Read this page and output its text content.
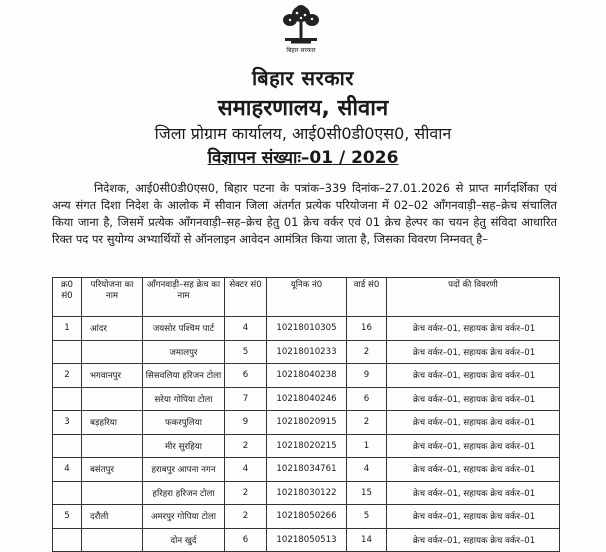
बिहार सरकार
बिहार सरकार
समाहरणालय, सीवान
जिला प्रोग्राम कार्यालय, आई0सी0डी0एस0, सीवान
विज्ञापन संख्याः–01 / 2026
निदेशक, आई0सी0डी0एस0, बिहार पटना के पत्रांक–339 दिनांक–27.01.2026 से प्राप्त मार्गदर्शिका एवं अन्य संगत दिशा निदेश के आलोक में सीवान जिला अंतर्गत प्रत्येक परियोजना में 02–02 आँगनवाड़ी–सह–क्रेच संचालित किया जाना है, जिसमें प्रत्येक आँगनवाड़ी–सह–क्रेच हेतु 01 क्रेच वर्कर एवं 01 क्रेच हेल्पर का चयन हेतु संविदा आधारित रिक्त पद पर सुयोग्य अभ्यार्थियों से ऑनलाइन आवेदन आमंत्रित किया जाता है, जिसका विवरण निम्नवत् है–
क्र0 सं0	परियोजना का नाम	आँगनवाड़ी–सह क्रेच का नाम	सेक्टर सं0	यूनिक नं0	वार्ड सं0	पदों की विवरणी
1	आंदर	जयसोर पश्चिम पार्ट	4	10218010305	16	क्रेच वर्कर–01, सहायक क्रेच वर्कर–01
		जमालपुर	5	10218010233	2	क्रेच वर्कर–01, सहायक क्रेच वर्कर–01
2	भगवानपुर	सिसवलिया हरिजन टोला	6	10218040238	9	क्रेच वर्कर–01, सहायक क्रेच वर्कर–01
		सरेया गोपिया टोला	7	10218040246	6	क्रेच वर्कर–01, सहायक क्रेच वर्कर–01
3	बड़हरिया	फकरपुलिया	9	10218020915	2	क्रेच वर्कर–01, सहायक क्रेच वर्कर–01
		मीर सुरहिया	2	10218020215	1	क्रेच वर्कर–01, सहायक क्रेच वर्कर–01
4	बसंतपुर	हराबपुर आपना नगन	4	10218034761	4	क्रेच वर्कर–01, सहायक क्रेच वर्कर–01
		हरिहरा हरिजन टोला	2	10218030122	15	क्रेच वर्कर–01, सहायक क्रेच वर्कर–01
5	दरौली	अमरपुर गोपिया टोला	2	10218050266	5	क्रेच वर्कर–01, सहायक क्रेच वर्कर–01
		दोन खुर्द	6	10218050513	14	क्रेच वर्कर–01, सहायक क्रेच वर्कर–01
